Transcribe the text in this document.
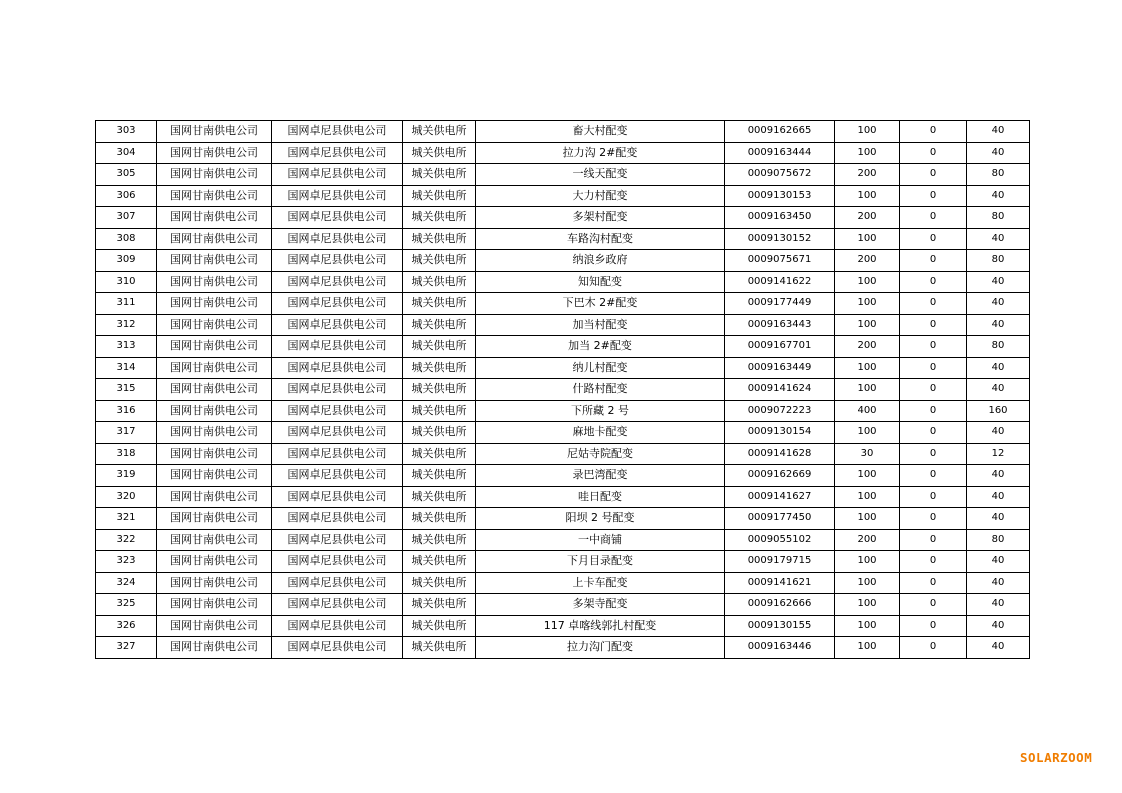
303	国网甘南供电公司	国网卓尼县供电公司	城关供电所	畜大村配变	0009162665	100	0	40
304	国网甘南供电公司	国网卓尼县供电公司	城关供电所	拉力沟 2#配变	0009163444	100	0	40
305	国网甘南供电公司	国网卓尼县供电公司	城关供电所	一线天配变	0009075672	200	0	80
306	国网甘南供电公司	国网卓尼县供电公司	城关供电所	大力村配变	0009130153	100	0	40
307	国网甘南供电公司	国网卓尼县供电公司	城关供电所	多架村配变	0009163450	200	0	80
308	国网甘南供电公司	国网卓尼县供电公司	城关供电所	车路沟村配变	0009130152	100	0	40
309	国网甘南供电公司	国网卓尼县供电公司	城关供电所	纳浪乡政府	0009075671	200	0	80
310	国网甘南供电公司	国网卓尼县供电公司	城关供电所	知知配变	0009141622	100	0	40
311	国网甘南供电公司	国网卓尼县供电公司	城关供电所	下巴木 2#配变	0009177449	100	0	40
312	国网甘南供电公司	国网卓尼县供电公司	城关供电所	加当村配变	0009163443	100	0	40
313	国网甘南供电公司	国网卓尼县供电公司	城关供电所	加当 2#配变	0009167701	200	0	80
314	国网甘南供电公司	国网卓尼县供电公司	城关供电所	纳儿村配变	0009163449	100	0	40
315	国网甘南供电公司	国网卓尼县供电公司	城关供电所	什路村配变	0009141624	100	0	40
316	国网甘南供电公司	国网卓尼县供电公司	城关供电所	下所藏 2 号	0009072223	400	0	160
317	国网甘南供电公司	国网卓尼县供电公司	城关供电所	麻地卡配变	0009130154	100	0	40
318	国网甘南供电公司	国网卓尼县供电公司	城关供电所	尼姑寺院配变	0009141628	30	0	12
319	国网甘南供电公司	国网卓尼县供电公司	城关供电所	录巴湾配变	0009162669	100	0	40
320	国网甘南供电公司	国网卓尼县供电公司	城关供电所	哇日配变	0009141627	100	0	40
321	国网甘南供电公司	国网卓尼县供电公司	城关供电所	阳坝 2 号配变	0009177450	100	0	40
322	国网甘南供电公司	国网卓尼县供电公司	城关供电所	一中商铺	0009055102	200	0	80
323	国网甘南供电公司	国网卓尼县供电公司	城关供电所	下月目录配变	0009179715	100	0	40
324	国网甘南供电公司	国网卓尼县供电公司	城关供电所	上卡车配变	0009141621	100	0	40
325	国网甘南供电公司	国网卓尼县供电公司	城关供电所	多架寺配变	0009162666	100	0	40
326	国网甘南供电公司	国网卓尼县供电公司	城关供电所	117 卓喀线郭扎村配变	0009130155	100	0	40
327	国网甘南供电公司	国网卓尼县供电公司	城关供电所	拉力沟门配变	0009163446	100	0	40
SOLARZOOM
